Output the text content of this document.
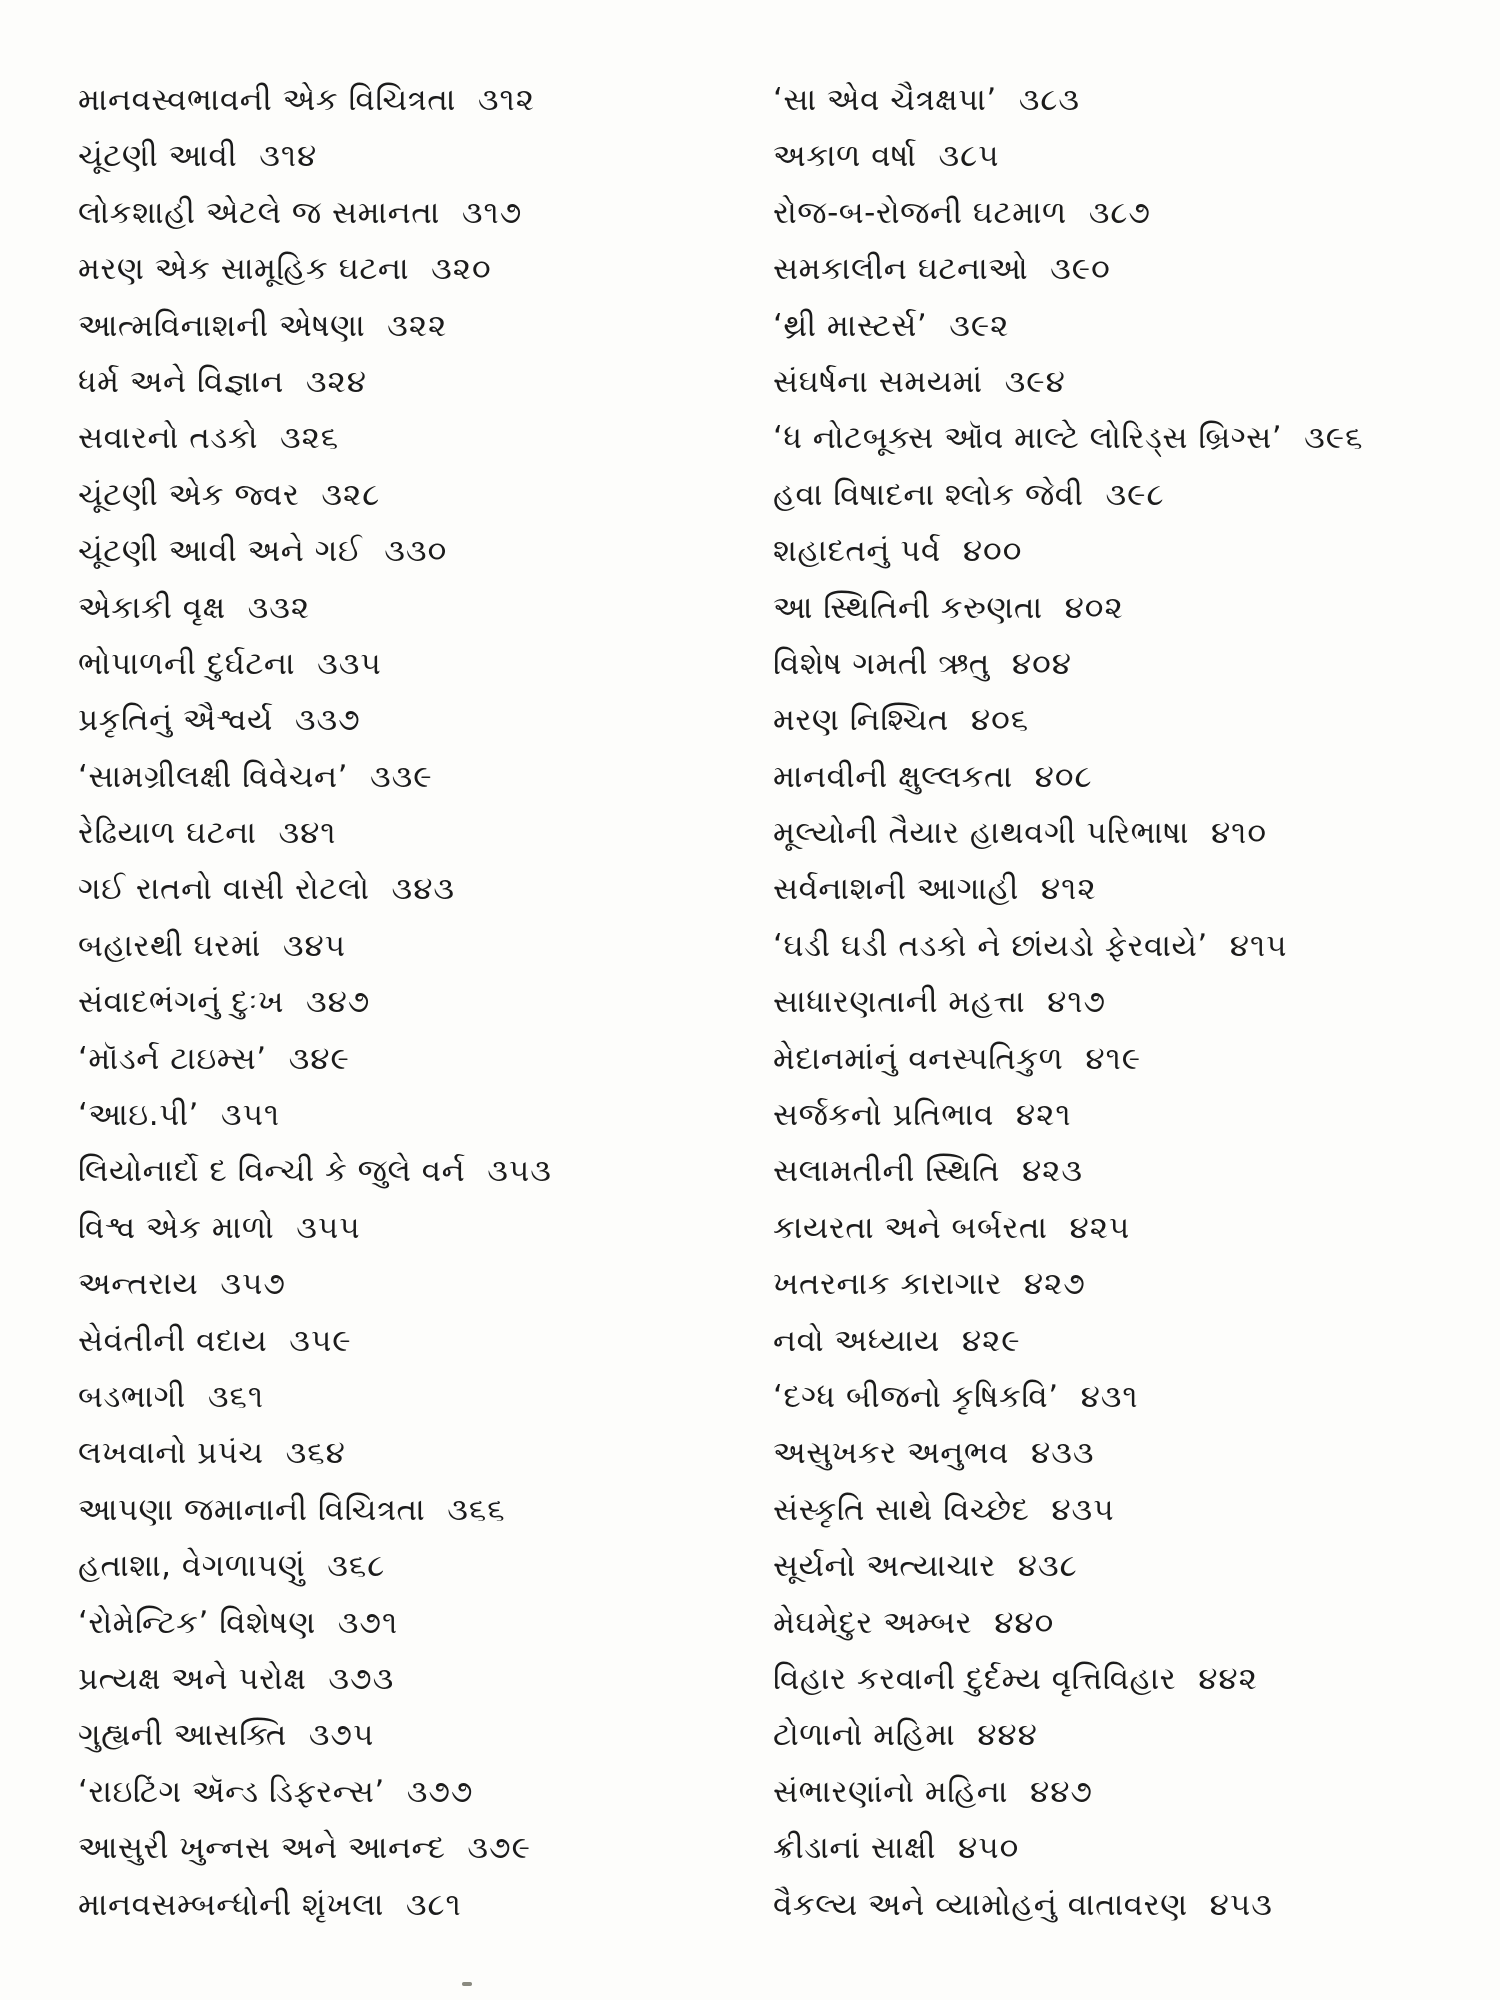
માનવસ્વભાવની એક વિચિત્રતા ૩૧૨
ચૂંટણી આવી ૩૧૪
લોકશાહી એટલે જ સમાનતા ૩૧૭
મરણ એક સામૂહિક ઘટના ૩૨૦
આત્મવિનાશની એષણા ૩૨૨
ધર્મ અને વિજ્ઞાન ૩૨૪
સવારનો તડકો ૩૨૬
ચૂંટણી એક જ્વર ૩૨૮
ચૂંટણી આવી અને ગઈ ૩૩૦
એકાકી વૃક્ષ ૩૩૨
ભોપાળની દુર્ઘટના ૩૩૫
પ્રકૃતિનું ઐશ્વર્ય ૩૩૭
‘સામગ્રીલક્ષી વિવેચન’ ૩૩૯
રેઢિયાળ ઘટના ૩૪૧
ગઈ રાતનો વાસી રોટલો ૩૪૩
બહારથી ઘરમાં ૩૪૫
સંવાદભંગનું દુઃખ ૩૪૭
‘મૉડર્ન ટાઇમ્સ’ ૩૪૯
‘આઇ.પી’ ૩૫૧
લિયોનાર્દો દ વિન્ચી કે જુલે વર્ન ૩૫૩
વિશ્વ એક માળો ૩૫૫
અન્તરાય ૩૫૭
સેવંતીની વદાય ૩૫૯
બડભાગી ૩૬૧
લખવાનો પ્રપંચ ૩૬૪
આપણા જમાનાની વિચિત્રતા ૩૬૬
હતાશા, વેગળાપણું ૩૬૮
‘રોમેન્ટિક’ વિશેષણ ૩૭૧
પ્રત્યક્ષ અને પરોક્ષ ૩૭૩
ગુહ્યની આસક્તિ ૩૭૫
‘રાઇટિંગ ઍન્ડ ડિફરન્સ’ ૩૭૭
આસુરી ખુન્નસ અને આનન્દ ૩૭૯
માનવસમ્બન્ધોની શૃંખલા ૩૮૧
‘સા એવ ચૈત્રક્ષપા’ ૩૮૩
અકાળ વર્ષા ૩૮૫
રોજ-બ-રોજની ઘટમાળ ૩૮૭
સમકાલીન ઘટનાઓ ૩૯૦
‘થ્રી માસ્ટર્સ’ ૩૯૨
સંઘર્ષના સમયમાં ૩૯૪
‘ધ નોટબૂક્સ ઑવ માલ્ટે લોરિડ્સ બ્રિગ્સ’ ૩૯૬
હવા વિષાદના શ્લોક જેવી ૩૯૮
શહાદતનું પર્વ ૪૦૦
આ સ્થિતિની કરુણતા ૪૦૨
વિશેષ ગમતી ઋતુ ૪૦૪
મરણ નિશ્ચિત ૪૦૬
માનવીની ક્ષુલ્લકતા ૪૦૮
મૂલ્યોની તૈયાર હાથવગી પરિભાષા ૪૧૦
સર્વનાશની આગાહી ૪૧૨
‘ઘડી ઘડી તડકો ને છાંયડો ફેરવાયે’ ૪૧૫
સાધારણતાની મહત્તા ૪૧૭
મેદાનમાંનું વનસ્પતિકુળ ૪૧૯
સર્જકનો પ્રતિભાવ ૪૨૧
સલામતીની સ્થિતિ ૪૨૩
કાયરતા અને બર્બરતા ૪૨૫
ખતરનાક કારાગાર ૪૨૭
નવો અધ્યાય ૪૨૯
‘દગ્ધ બીજનો કૃષિકવિ’ ૪૩૧
અસુખકર અનુભવ ૪૩૩
સંસ્કૃતિ સાથે વિચ્છેદ ૪૩૫
સૂર્યનો અત્યાચાર ૪૩૮
મેઘમેદુર અમ્બર ૪૪૦
વિહાર કરવાની દુર્દમ્ય વૃત્તિવિહાર ૪૪૨
ટોળાનો મહિમા ૪૪૪
સંભારણાંનો મહિના ૪૪૭
ક્રીડાનાં સાક્ષી ૪૫૦
વૈકલ્ય અને વ્યામોહનું વાતાવરણ ૪૫૩
